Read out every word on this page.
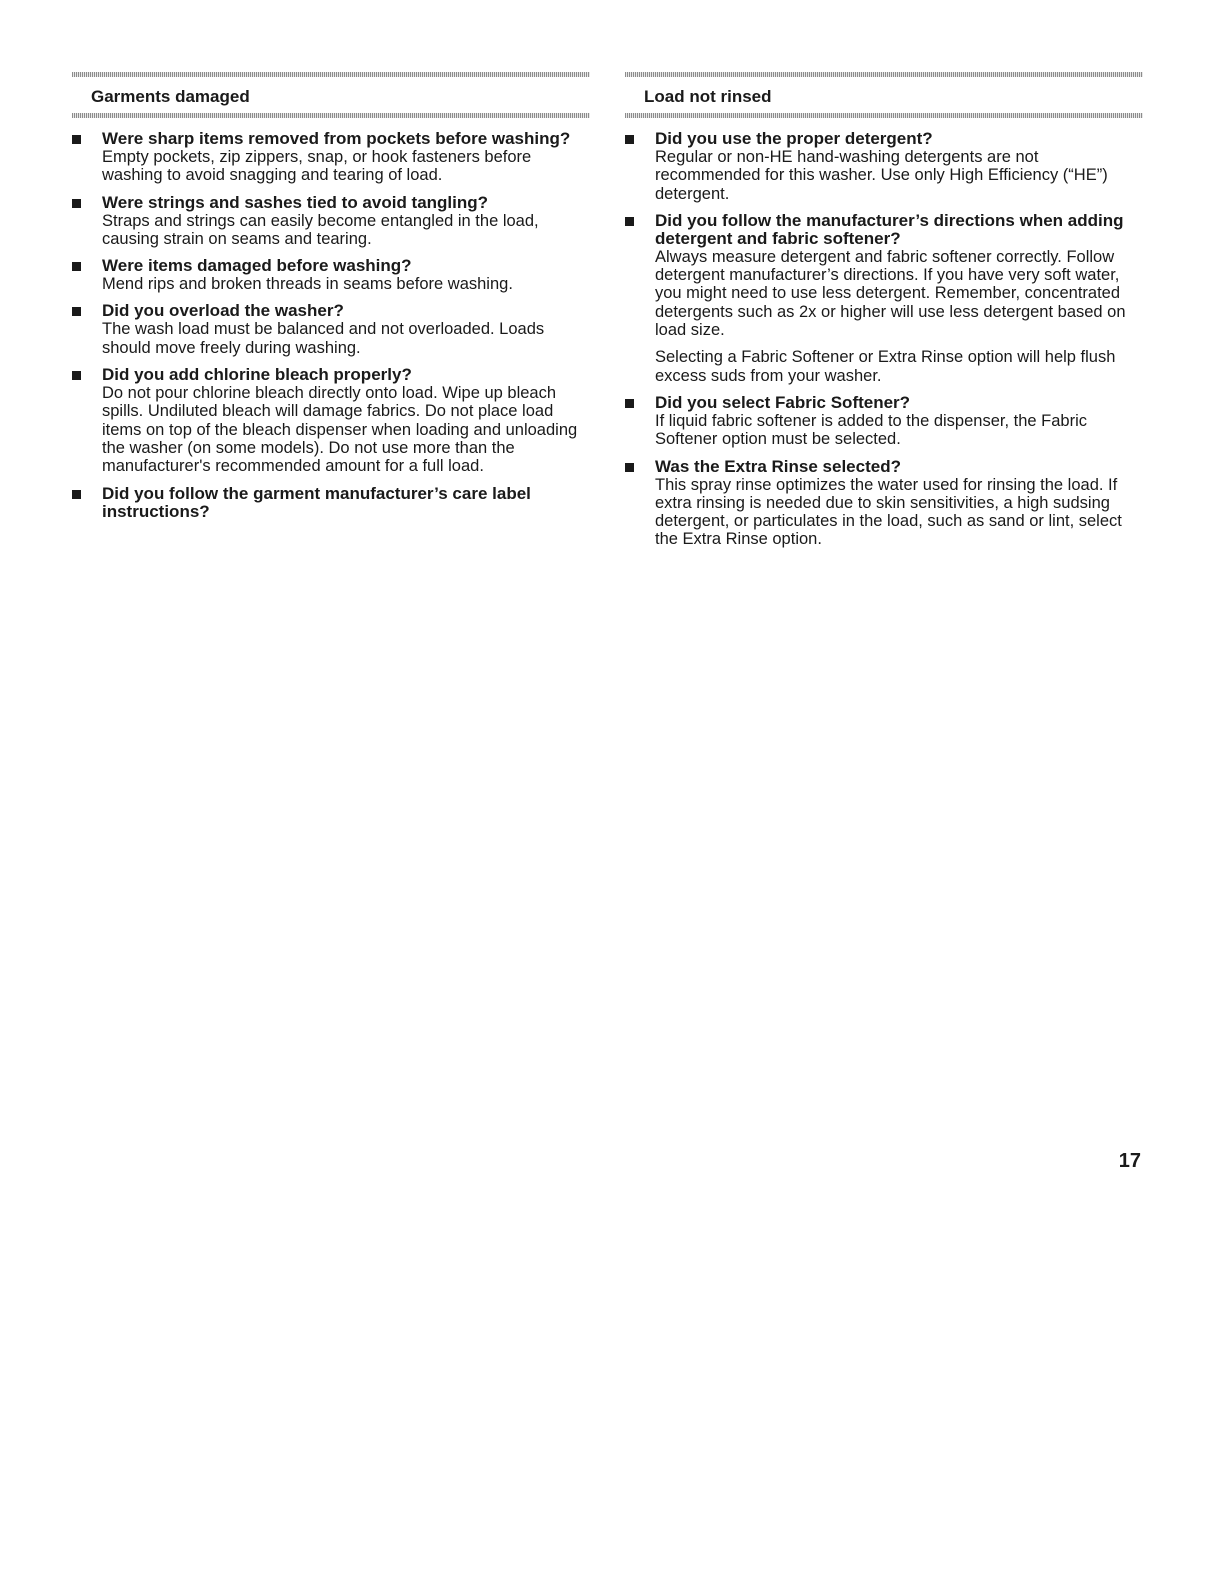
Garments damaged
Were sharp items removed from pockets before washing?
Empty pockets, zip zippers, snap, or hook fasteners before washing to avoid snagging and tearing of load.
Were strings and sashes tied to avoid tangling?
Straps and strings can easily become entangled in the load, causing strain on seams and tearing.
Were items damaged before washing?
Mend rips and broken threads in seams before washing.
Did you overload the washer?
The wash load must be balanced and not overloaded. Loads should move freely during washing.
Did you add chlorine bleach properly?
Do not pour chlorine bleach directly onto load. Wipe up bleach spills. Undiluted bleach will damage fabrics. Do not place load items on top of the bleach dispenser when loading and unloading the washer (on some models). Do not use more than the manufacturer's recommended amount for a full load.
Did you follow the garment manufacturer’s care label instructions?
Load not rinsed
Did you use the proper detergent?
Regular or non-HE hand-washing detergents are not recommended for this washer. Use only High Efficiency (“HE”) detergent.
Did you follow the manufacturer’s directions when adding detergent and fabric softener?
Always measure detergent and fabric softener correctly. Follow detergent manufacturer’s directions. If you have very soft water, you might need to use less detergent. Remember, concentrated detergents such as 2x or higher will use less detergent based on load size.
Selecting a Fabric Softener or Extra Rinse option will help flush excess suds from your washer.
Did you select Fabric Softener?
If liquid fabric softener is added to the dispenser, the Fabric Softener option must be selected.
Was the Extra Rinse selected?
This spray rinse optimizes the water used for rinsing the load. If extra rinsing is needed due to skin sensitivities, a high sudsing detergent, or particulates in the load, such as sand or lint, select the Extra Rinse option.
17
